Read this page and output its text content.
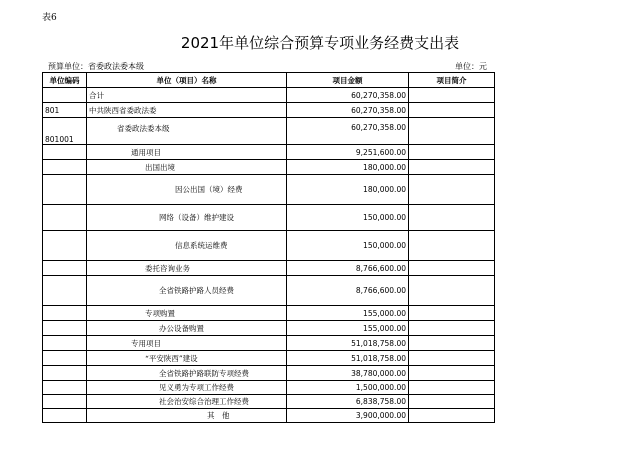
表6
2021年单位综合预算专项业务经费支出表
预算单位：省委政法委本级	单位：元
单位编码	单位（项目）名称	项目金额	项目简介
	合计	60,270,358.00	
801	中共陕西省委政法委	60,270,358.00	
801001	省委政法委本级	60,270,358.00	
	通用项目	9,251,600.00	
	出国出境	180,000.00	
	因公出国（境）经费	180,000.00	
	网络（设备）维护建设	150,000.00	
	信息系统运维费	150,000.00	
	委托咨询业务	8,766,600.00	
	全省铁路护路人员经费	8,766,600.00	
	专项购置	155,000.00	
	办公设备购置	155,000.00	
	专用项目	51,018,758.00	
	“平安陕西”建设	51,018,758.00	
	全省铁路护路联防专项经费	38,780,000.00	
	见义勇为专项工作经费	1,500,000.00	
	社会治安综合治理工作经费	6,838,758.00	
	其　他	3,900,000.00	
